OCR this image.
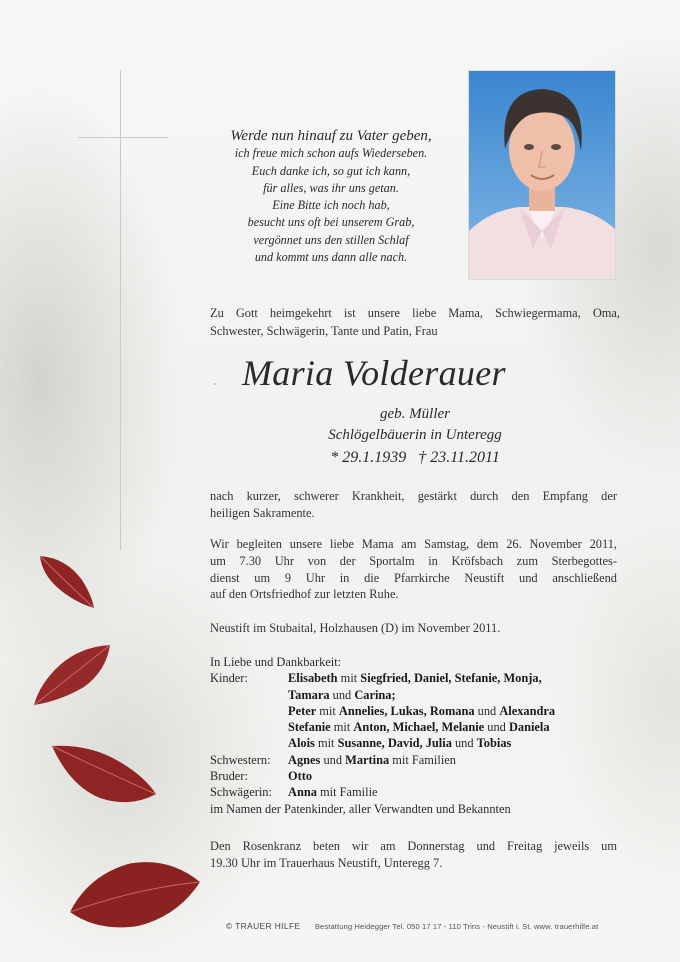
Werde nun hinauf zu Vater geben,
ich freue mich schon aufs Wiederseben.
Euch danke ich, so gut ich kann,
für alles, was ihr uns getan.
Eine Bitte ich noch hab,
besucht uns oft bei unserem Grab,
vergönnet uns den stillen Schlaf
und kommt uns dann alle nach.
Zu Gott heimgekehrt ist unsere liebe Mama, Schwiegermama, Oma,
Schwester, Schwägerin, Tante und Patin, Frau
Maria Volderauer
geb. Müller
Schlögelbäuerin in Unteregg
* 29.1.1939   † 23.11.2011
nach kurzer, schwerer Krankheit, gestärkt durch den Empfang der
heiligen Sakramente.
Wir begleiten unsere liebe Mama am Samstag, dem 26. November 2011,
um 7.30 Uhr von der Sportalm in Kröfsbach zum Sterbegottes-
dienst um 9 Uhr in die Pfarrkirche Neustift und anschließend
auf den Ortsfriedhof zur letzten Ruhe.
Neustift im Stubaital, Holzhausen (D) im November 2011.
In Liebe und Dankbarkeit:
Kinder:	Elisabeth mit Siegfried, Daniel, Stefanie, Monja,
Tamara und Carina;
Peter mit Annelies, Lukas, Romana und Alexandra
Stefanie mit Anton, Michael, Melanie und Daniela
Alois mit Susanne, David, Julia und Tobias
Schwestern: Agnes und Martina mit Familien
Bruder:	Otto
Schwägerin: Anna mit Familie
im Namen der Patenkinder, aller Verwandten und Bekannten
Den Rosenkranz beten wir am Donnerstag und Freitag jeweils um
19.30 Uhr im Trauerhaus Neustift, Unteregg 7.
© TRAUER HILFE Bestattung Heidegger Tel. 050 17 17 - 110 Trins - Neustift i. St. www. trauerhilfe.at
